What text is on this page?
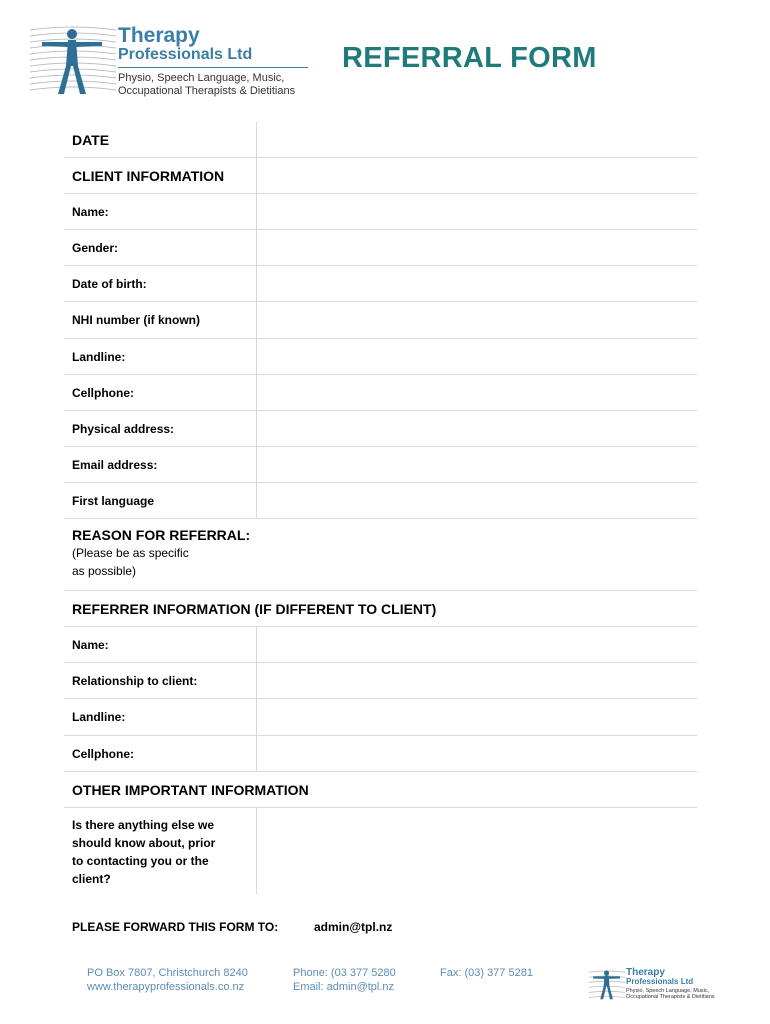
Therapy
Professionals Ltd
Physio, Speech Language, Music,
Occupational Therapists & Dietitians
REFERRAL FORM
DATE
CLIENT INFORMATION
Name:
Gender:
Date of birth:
NHI number (if known)
Landline:
Cellphone:
Physical address:
Email address:
First language
REASON FOR REFERRAL:
(Please be as specific
as possible)
REFERRER INFORMATION (IF DIFFERENT TO CLIENT)
Name:
Relationship to client:
Landline:
Cellphone:
OTHER IMPORTANT INFORMATION
Is there anything else we
should know about, prior
to contacting you or the
client?
PLEASE FORWARD THIS FORM TO:	admin@tpl.nz
PO Box 7807, Christchurch 8240
www.therapyprofessionals.co.nz
Phone: (03 377 5280
Email: admin@tpl.nz
Fax: (03) 377 5281	Therapy
Professionals Ltd
Physio, Speech Language, Music,
Occupational Therapists & Dietitians
